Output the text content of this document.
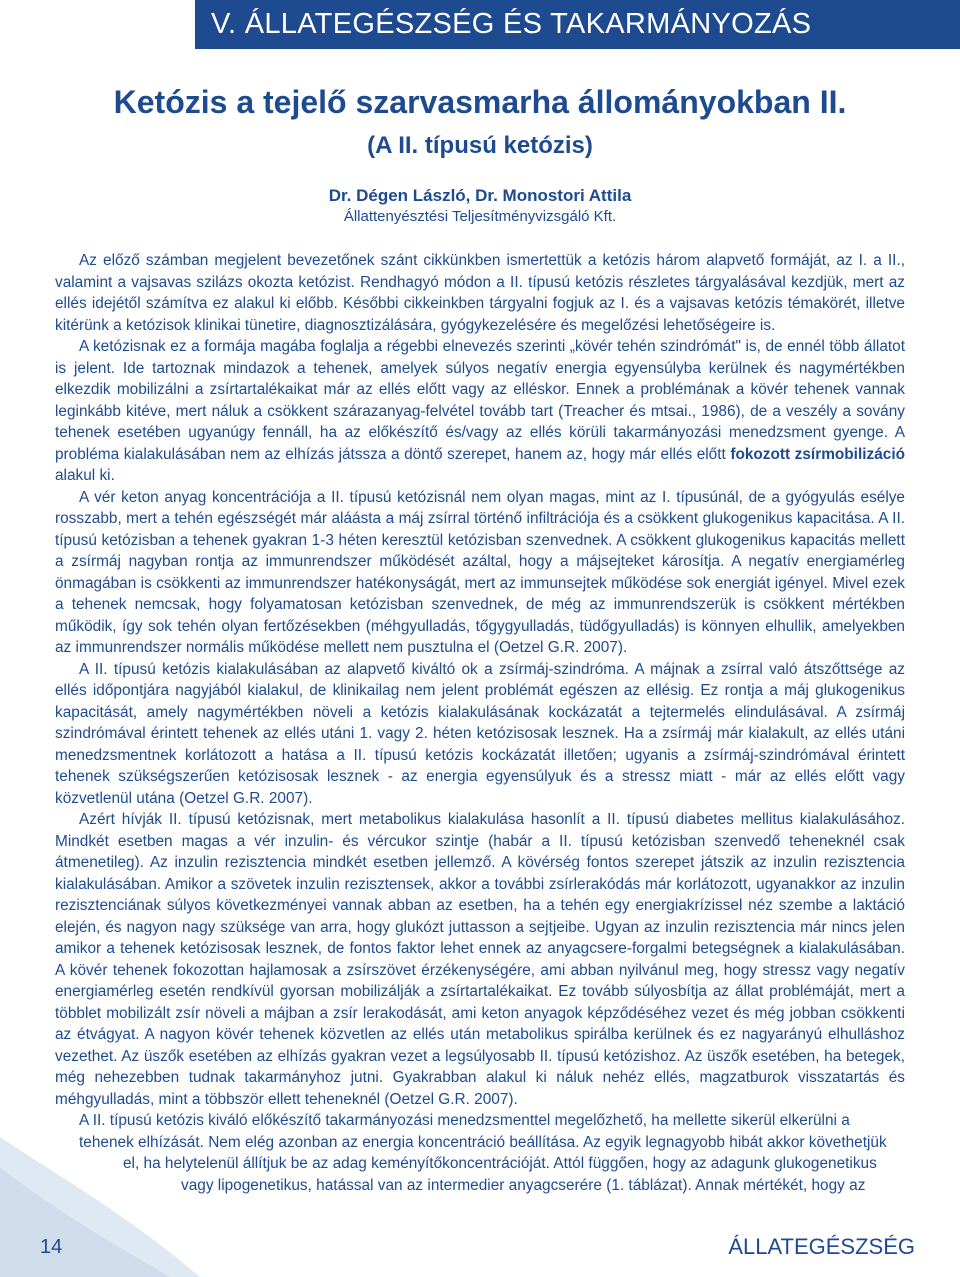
V. ÁLLATEGÉSZSÉG ÉS TAKARMÁNYOZÁS
Ketózis a tejelő szarvasmarha állományokban II.
(A II. típusú ketózis)
Dr. Dégen László, Dr. Monostori Attila
Állattenyésztési Teljesítményvizsgáló Kft.

Az előző számban megjelent bevezetőnek szánt cikkünkben ismertettük a ketózis három alapvető formáját, az I. a II., valamint a vajsavas szilázs okozta ketózist. Rendhagyó módon a II. típusú ketózis részletes tárgyalásával kezdjük, mert az ellés idejétől számítva ez alakul ki előbb. Későbbi cikkeinkben tárgyalni fogjuk az I. és a vajsavas ketózis témakörét, illetve kitérünk a ketózisok klinikai tünetire, diagnosztizálására, gyógykezelésére és megelőzési lehetőségeire is.

A ketózisnak ez a formája magába foglalja a régebbi elnevezés szerinti „kövér tehén szindrómát" is, de ennél több állatot is jelent. Ide tartoznak mindazok a tehenek, amelyek súlyos negatív energia egyensúlyba kerülnek és nagymértékben elkezdik mobilizálni a zsírtartalékaikat már az ellés előtt vagy az elléskor. Ennek a problémának a kövér tehenek vannak leginkább kitéve, mert náluk a csökkent szárazanyag-felvétel tovább tart (Treacher és mtsai., 1986), de a veszély a sovány tehenek esetében ugyanúgy fennáll, ha az előkészítő és/vagy az ellés körüli takarmányozási menedzsment gyenge. A probléma kialakulásában nem az elhízás játssza a döntő szerepet, hanem az, hogy már ellés előtt fokozott zsírmobilizáció alakul ki.

A vér keton anyag koncentrációja a II. típusú ketózisnál nem olyan magas, mint az I. típusúnál, de a gyógyulás esélye rosszabb, mert a tehén egészségét már aláásta a máj zsírral történő infiltrációja és a csökkent glukogenikus kapacitása. A II. típusú ketózisban a tehenek gyakran 1-3 héten keresztül ketózisban szenvednek. A csökkent glukogenikus kapacitás mellett a zsírmáj nagyban rontja az immunrendszer működését azáltal, hogy a májsejteket károsítja. A negatív energiamérleg önmagában is csökkenti az immunrendszer hatékonyságát, mert az immunsejtek működése sok energiát igényel. Mivel ezek a tehenek nemcsak, hogy folyamatosan ketózisban szenvednek, de még az immunrendszerük is csökkent mértékben működik, így sok tehén olyan fertőzésekben (méhgyulladás, tőgygyulladás, tüdőgyulladás) is könnyen elhullik, amelyekben az immunrendszer normális működése mellett nem pusztulna el (Oetzel G.R. 2007).

A II. típusú ketózis kialakulásában az alapvető kiváltó ok a zsírmáj-szindróma. A májnak a zsírral való átszőttsége az ellés időpontjára nagyjából kialakul, de klinikailag nem jelent problémát egészen az ellésig. Ez rontja a máj glukogenikus kapacitását, amely nagymértékben növeli a ketózis kialakulásának kockázatát a tejtermelés elindulásával. A zsírmáj szindrómával érintett tehenek az ellés utáni 1. vagy 2. héten ketózisosak lesznek. Ha a zsírmáj már kialakult, az ellés utáni menedzsmentnek korlátozott a hatása a II. típusú ketózis kockázatát illetően; ugyanis a zsírmáj-szindrómával érintett tehenek szükségszerűen ketózisosak lesznek - az energia egyensúlyuk és a stressz miatt - már az ellés előtt vagy közvetlenül utána (Oetzel G.R. 2007).

Azért hívják II. típusú ketózisnak, mert metabolikus kialakulása hasonlít a II. típusú diabetes mellitus kialakulásához. Mindkét esetben magas a vér inzulin- és vércukor szintje (habár a II. típusú ketózisban szenvedő teheneknél csak átmenetileg). Az inzulin rezisztencia mindkét esetben jellemző. A kövérség fontos szerepet játszik az inzulin rezisztencia kialakulásában. Amikor a szövetek inzulin rezisztensek, akkor a további zsírlerakódás már korlátozott, ugyanakkor az inzulin rezisztenciának súlyos következményei vannak abban az esetben, ha a tehén egy energiakrízissel néz szembe a laktáció elején, és nagyon nagy szüksége van arra, hogy glukózt juttasson a sejtjeibe. Ugyan az inzulin rezisztencia már nincs jelen amikor a tehenek ketózisosak lesznek, de fontos faktor lehet ennek az anyagcsere-forgalmi betegségnek a kialakulásában. A kövér tehenek fokozottan hajlamosak a zsírszövet érzékenységére, ami abban nyilvánul meg, hogy stressz vagy negatív energiamérleg esetén rendkívül gyorsan mobilizálják a zsírtartalékaikat. Ez tovább súlyosbítja az állat problémáját, mert a többlet mobilizált zsír növeli a májban a zsír lerakodását, ami keton anyagok képződéséhez vezet és még jobban csökkenti az étvágyat. A nagyon kövér tehenek közvetlen az ellés után metabolikus spirálba kerülnek és ez nagyarányú elhulláshoz vezethet. Az üszők esetében az elhízás gyakran vezet a legsúlyosabb II. típusú ketózishoz. Az üszők esetében, ha betegek, még nehezebben tudnak takarmányhoz jutni. Gyakrabban alakul ki náluk nehéz ellés, magzatburok visszatartás és méhgyulladás, mint a többször ellett teheneknél (Oetzel G.R. 2007).

A II. típusú ketózis kiváló előkészítő takarmányozási menedzsmenttel megelőzhető, ha mellette sikerül elkerülni a

tehenek elhízását. Nem elég azonban az energia koncentráció beállítása. Az egyik legnagyobb hibát akkor követhetjük

el, ha helytelenül állítjuk be az adag keményítőkoncentrációját. Attól függően, hogy az adagunk glukogenetikus

vagy lipogenetikus, hatással van az intermedier anyagcserére (1. táblázat). Annak mértékét, hogy az

14	ÁLLATEGÉSZSÉG
